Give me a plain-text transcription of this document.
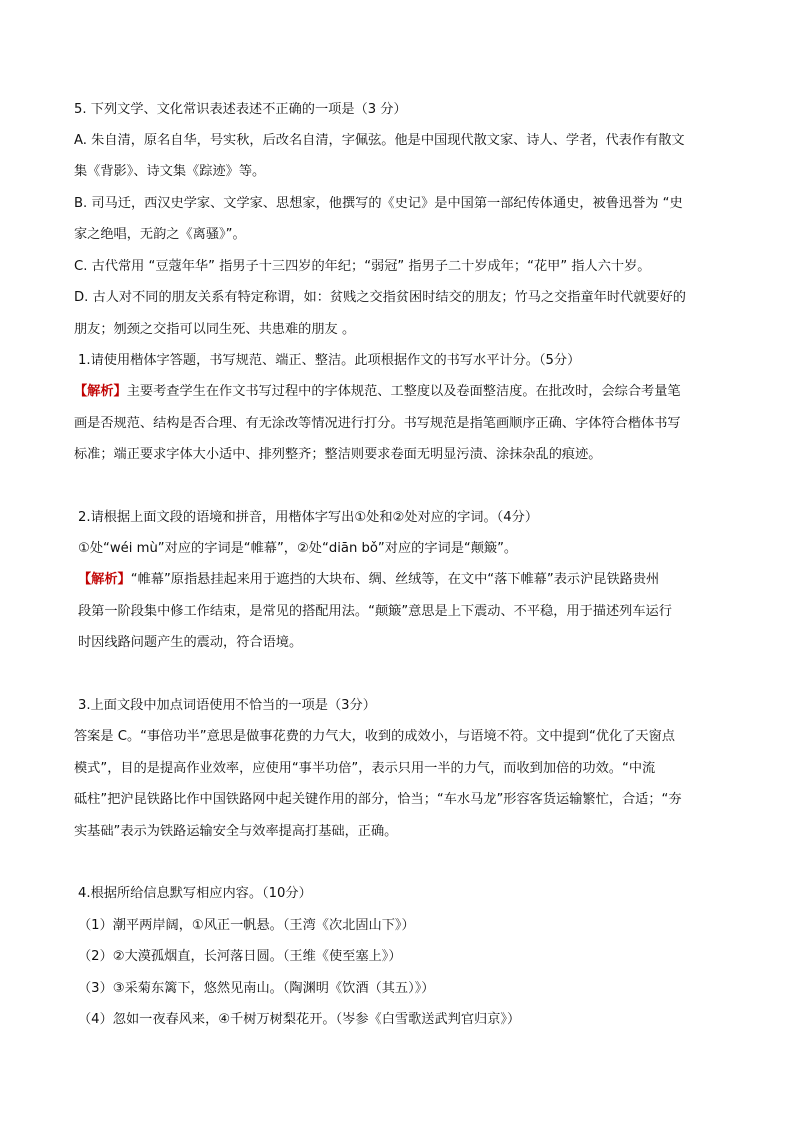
5. 下列文学、文化常识表述表述不正确的一项是（3 分）
A. 朱自清，原名自华，号实秋，后改名自清，字佩弦。他是中国现代散文家、诗人、学者，代表作有散文
集《背影》、诗文集《踪迹》等。
B. 司马迁，西汉史学家、文学家、思想家，他撰写的《史记》是中国第一部纪传体通史，被鲁迅誉为 “史
家之绝唱，无韵之《离骚》”。
C. 古代常用 “豆蔻年华” 指男子十三四岁的年纪；“弱冠” 指男子二十岁成年；“花甲” 指人六十岁。
D. 古人对不同的朋友关系有特定称谓，如：贫贱之交指贫困时结交的朋友；竹马之交指童年时代就要好的
朋友；刎颈之交指可以同生死、共患难的朋友 。
1.请使用楷体字答题，书写规范、端正、整洁。此项根据作文的书写水平计分。（5分）
【解析】主要考查学生在作文书写过程中的字体规范、工整度以及卷面整洁度。在批改时，会综合考量笔
画是否规范、结构是否合理、有无涂改等情况进行打分。书写规范是指笔画顺序正确、字体符合楷体书写
标准；端正要求字体大小适中、排列整齐；整洁则要求卷面无明显污渍、涂抹杂乱的痕迹。
2.请根据上面文段的语境和拼音，用楷体字写出①处和②处对应的字词。（4分）
①处“wéi mù”对应的字词是“帷幕”，②处“diān bǒ”对应的字词是“颠簸”。
【解析】“帷幕”原指悬挂起来用于遮挡的大块布、绸、丝绒等，在文中“落下帷幕”表示沪昆铁路贵州
段第一阶段集中修工作结束，是常见的搭配用法。“颠簸”意思是上下震动、不平稳，用于描述列车运行
时因线路问题产生的震动，符合语境。
3.上面文段中加点词语使用不恰当的一项是（3分）
答案是 C。“事倍功半”意思是做事花费的力气大，收到的成效小，与语境不符。文中提到“优化了天窗点
模式”，目的是提高作业效率，应使用“事半功倍”，表示只用一半的力气，而收到加倍的功效。“中流
砥柱”把沪昆铁路比作中国铁路网中起关键作用的部分，恰当；“车水马龙”形容客货运输繁忙，合适；“夯
实基础”表示为铁路运输安全与效率提高打基础，正确。
4.根据所给信息默写相应内容。（10分）
（1）潮平两岸阔，①风正一帆悬。（王湾《次北固山下》）
（2）②大漠孤烟直，长河落日圆。（王维《使至塞上》）
（3）③采菊东篱下，悠然见南山。（陶渊明《饮酒（其五）》）
（4）忽如一夜春风来，④千树万树梨花开。（岑参《白雪歌送武判官归京》）
